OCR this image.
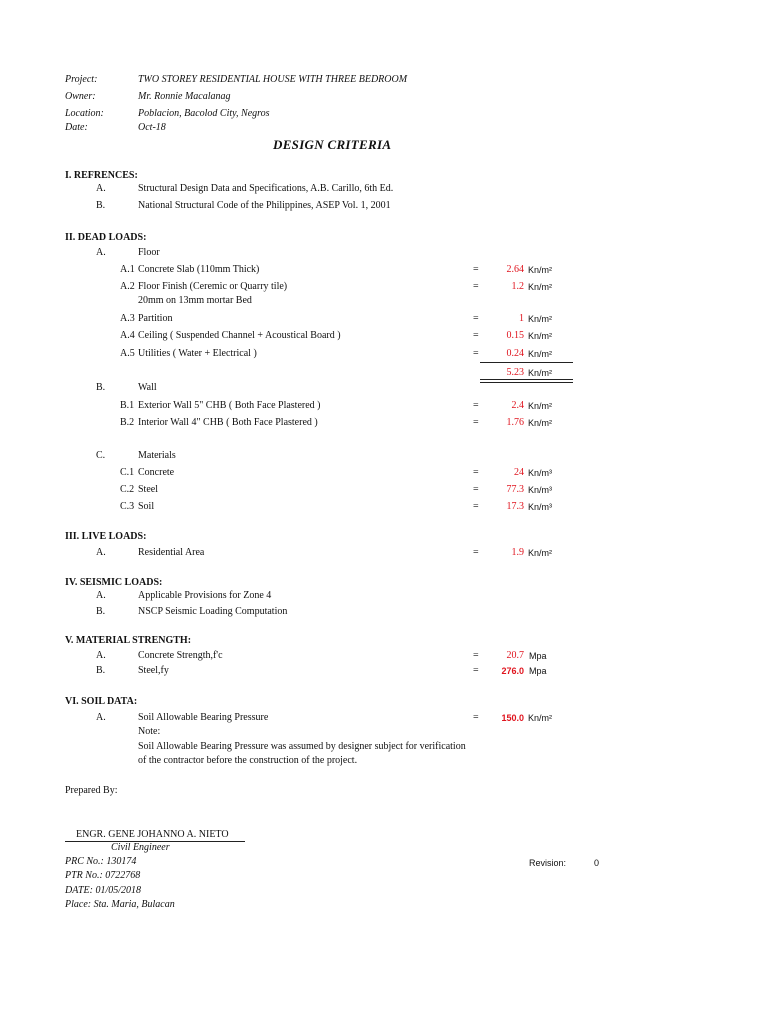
Project:	TWO STOREY RESIDENTIAL HOUSE WITH THREE BEDROOM
Owner:	Mr. Ronnie Macalanag
Location:	Poblacion, Bacolod City, Negros
Date:	Oct-18
DESIGN CRITERIA
I. REFRENCES:
A.	Structural Design Data and Specifications, A.B. Carillo, 6th Ed.
B.	National Structural Code of the Philippines, ASEP Vol. 1, 2001
II. DEAD LOADS:
A.	Floor
A.1 Concrete Slab (110mm Thick)	=	2.64 Kn/m²
A.2 Floor Finish (Ceremic or Quarry tile)	=	1.2 Kn/m²
20mm on 13mm mortar Bed
A.3 Partition	=	1 Kn/m²
A.4 Ceiling ( Suspended Channel + Acoustical Board )	=	0.15 Kn/m²
A.5 Utilities ( Water + Electrical )	=	0.24 Kn/m²
5.23 Kn/m²
B.	Wall
B.1 Exterior Wall 5" CHB ( Both Face Plastered )	=	2.4 Kn/m²
B.2 Interior Wall 4" CHB ( Both Face Plastered )	=	1.76 Kn/m²
C.	Materials
C.1 Concrete	=	24 Kn/m³
C.2 Steel	=	77.3 Kn/m³
C.3 Soil	=	17.3 Kn/m³
III. LIVE LOADS:
A.	Residential Area	=	1.9 Kn/m²
IV. SEISMIC LOADS:
A.	Applicable Provisions for Zone 4
B.	NSCP Seismic Loading Computation
V. MATERIAL STRENGTH:
A.	Concrete Strength,f'c	=	20.7 Mpa
B.	Steel,fy	=	276.0 Mpa
VI. SOIL DATA:
A.	Soil Allowable Bearing Pressure	=	150.0 Kn/m²
Note:
Soil Allowable Bearing Pressure was assumed by designer subject for verification
of the contractor before the construction of the project.
Prepared By:
ENGR. GENE JOHANNO A. NIETO
Civil Engineer
PRC No.: 130174
PTR No.: 0722768
DATE: 01/05/2018
Place: Sta. Maria, Bulacan
Revision:	0
